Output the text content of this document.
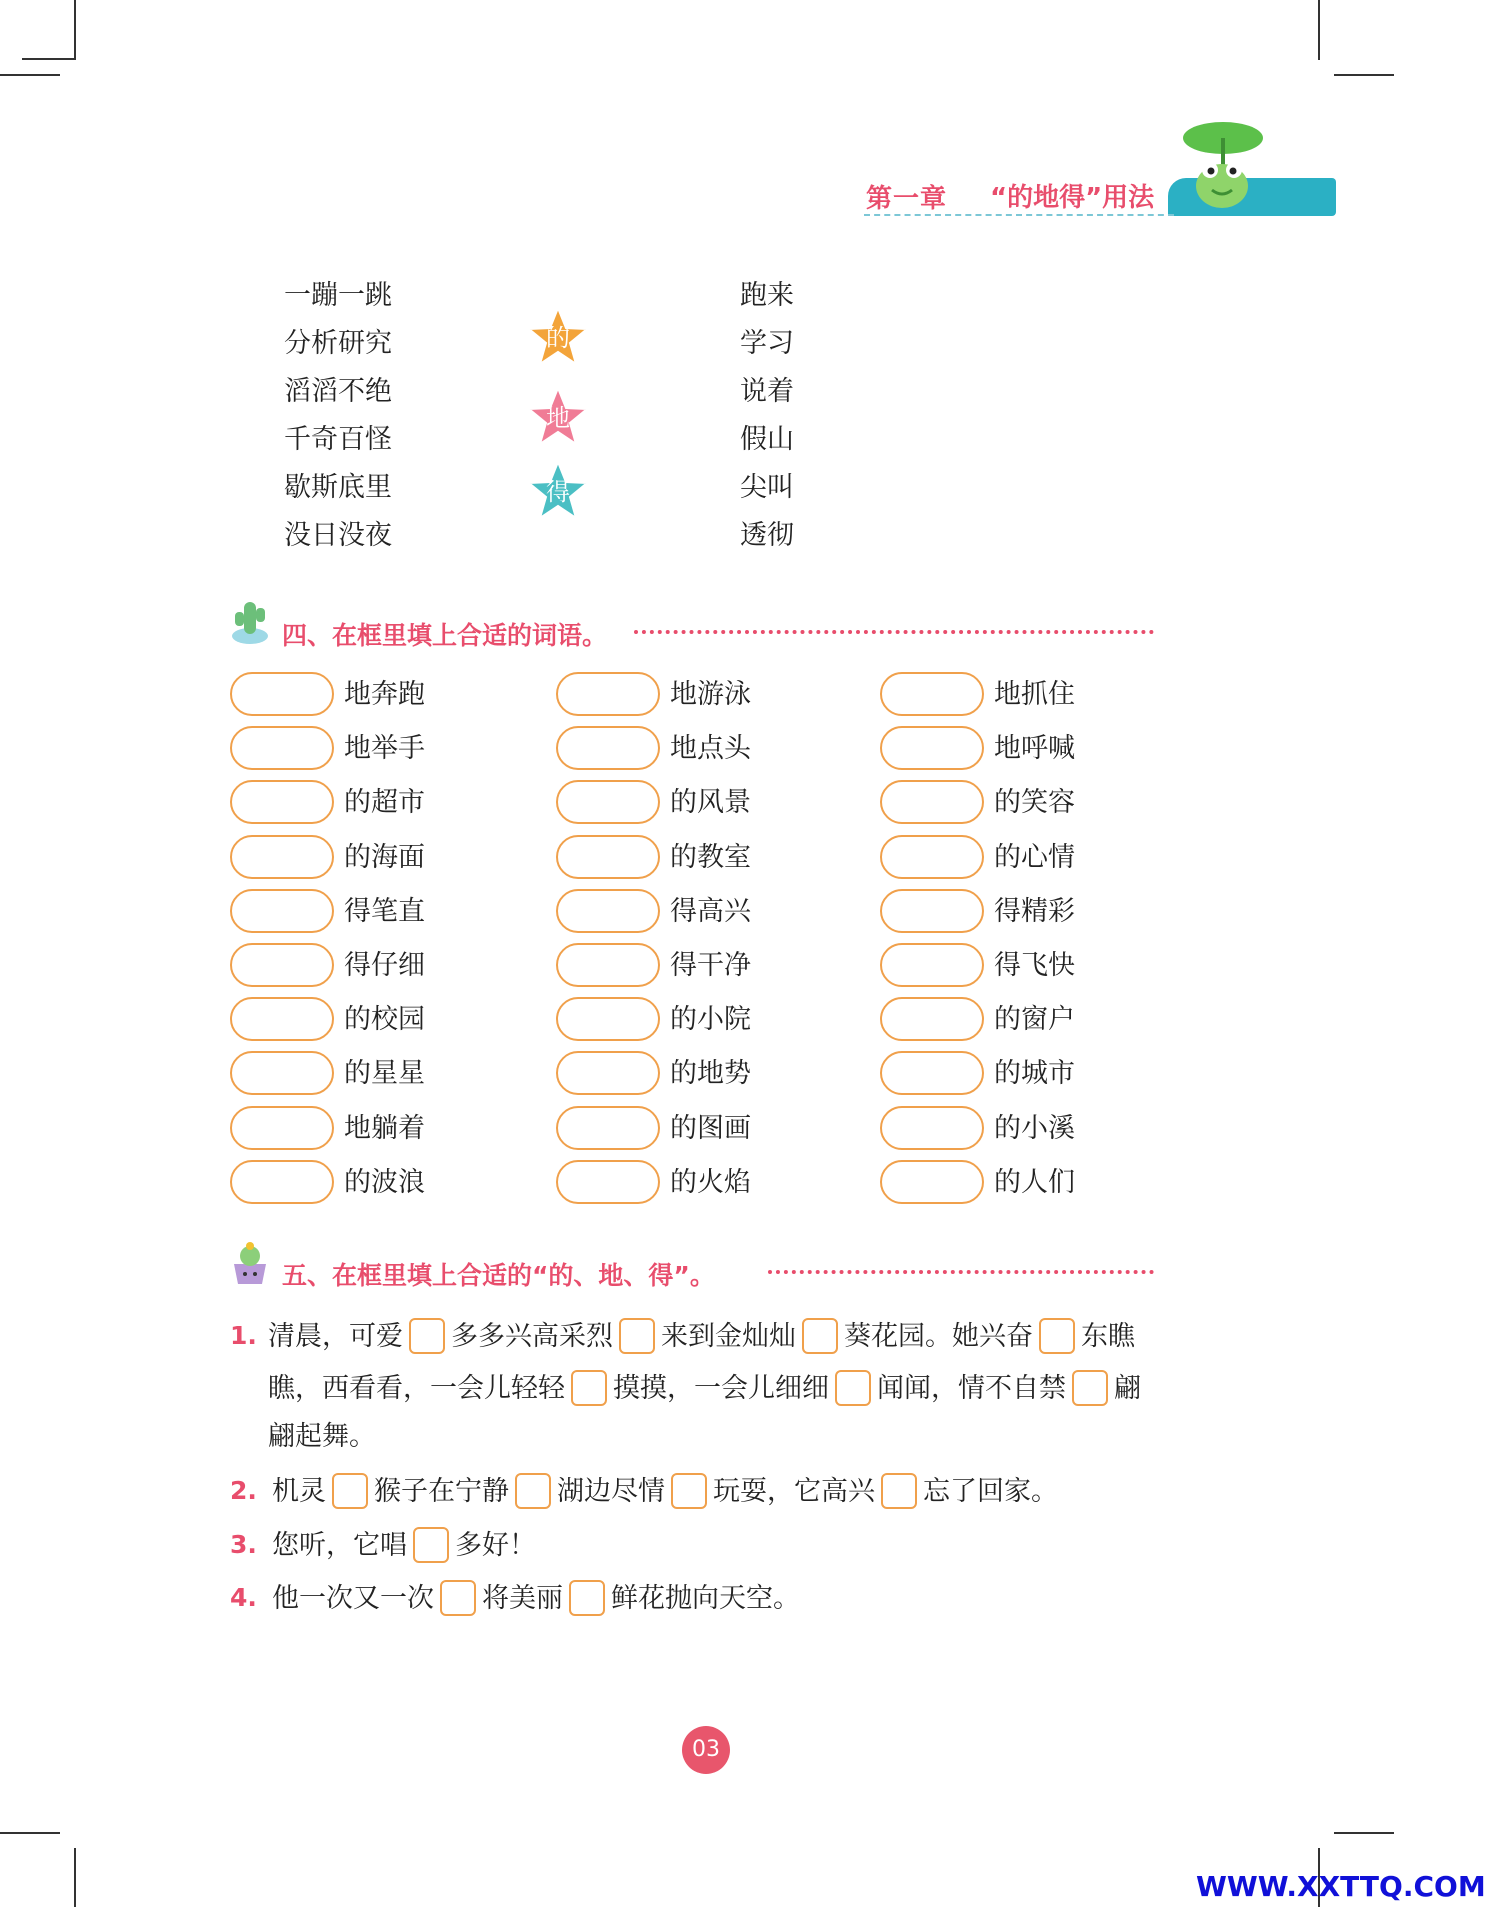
第一章 “的地得”用法
一蹦一跳
分析研究
滔滔不绝
千奇百怪
歇斯底里
没日没夜
跑来
学习
说着
假山
尖叫
透彻
的
地
得
四、在框里填上合适的词语。
地奔跑
地举手
的超市
的海面
得笔直
得仔细
的校园
的星星
地躺着
的波浪
地游泳
地点头
的风景
的教室
得高兴
得干净
的小院
的地势
的图画
的火焰
地抓住
地呼喊
的笑容
的心情
得精彩
得飞快
的窗户
的城市
的小溪
的人们
五、在框里填上合适的“的、地、得”。
1. 清晨，可爱 多多兴高采烈 来到金灿灿 葵花园。她兴奋 东瞧
瞧，西看看，一会儿轻轻 摸摸，一会儿细细 闻闻，情不自禁 翩
翩起舞。
2. 机灵 猴子在宁静 湖边尽情 玩耍，它高兴 忘了回家。
3. 您听，它唱 多好！
4. 他一次又一次 将美丽 鲜花抛向天空。
03
WWW.XXTTQ.COM
